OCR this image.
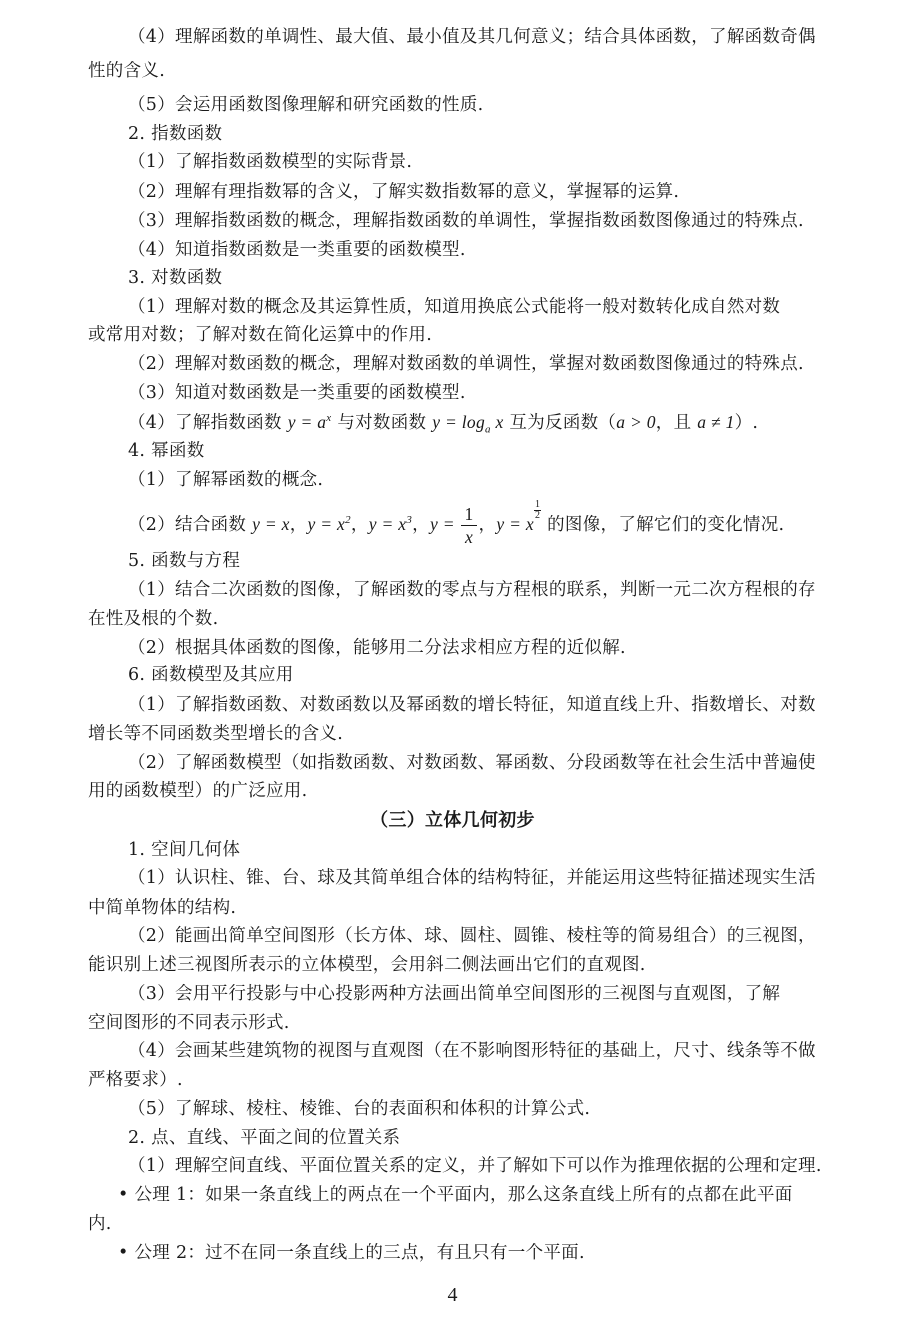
（4）理解函数的单调性、最大值、最小值及其几何意义；结合具体函数，了解函数奇偶
性的含义.
（5）会运用函数图像理解和研究函数的性质.
2. 指数函数
（1）了解指数函数模型的实际背景.
（2）理解有理指数幂的含义，了解实数指数幂的意义，掌握幂的运算.
（3）理解指数函数的概念，理解指数函数的单调性，掌握指数函数图像通过的特殊点.
（4）知道指数函数是一类重要的函数模型.
3. 对数函数
（1）理解对数的概念及其运算性质，知道用换底公式能将一般对数转化成自然对数
或常用对数；了解对数在简化运算中的作用.
（2）理解对数函数的概念，理解对数函数的单调性，掌握对数函数图像通过的特殊点.
（3）知道对数函数是一类重要的函数模型.
（4）了解指数函数 $y = a^x$ 与对数函数 $y = \log_a x$ 互为反函数（a > 0，且 a ≠ 1）.
4. 幂函数
（1）了解幂函数的概念.
（2）结合函数 y = x，$y = x^2$，$y = x^3$，$y = \frac{1}{x}$ ，y = x
$\frac{1}{2}$
的图像，了解它们的变化情况.
5. 函数与方程
（1）结合二次函数的图像，了解函数的零点与方程根的联系，判断一元二次方程根的存
在性及根的个数.
（2）根据具体函数的图像，能够用二分法求相应方程的近似解.
6. 函数模型及其应用
（1）了解指数函数、对数函数以及幂函数的增长特征，知道直线上升、指数增长、对数
增长等不同函数类型增长的含义.
（2）了解函数模型（如指数函数、对数函数、幂函数、分段函数等在社会生活中普遍使
用的函数模型）的广泛应用.
（三）立体几何初步
1. 空间几何体
（1）认识柱、锥、台、球及其简单组合体的结构特征，并能运用这些特征描述现实生活
中简单物体的结构.
（2）能画出简单空间图形（长方体、球、圆柱、圆锥、棱柱等的简易组合）的三视图，
能识别上述三视图所表示的立体模型，会用斜二侧法画出它们的直观图.
（3）会用平行投影与中心投影两种方法画出简单空间图形的三视图与直观图，了解
空间图形的不同表示形式.
（4）会画某些建筑物的视图与直观图（在不影响图形特征的基础上，尺寸、线条等不做
严格要求）.
（5）了解球、棱柱、棱锥、台的表面积和体积的计算公式.
2. 点、直线、平面之间的位置关系
（1）理解空间直线、平面位置关系的定义，并了解如下可以作为推理依据的公理和定理.
• 公理 1：如果一条直线上的两点在一个平面内，那么这条直线上所有的点都在此平面
内.
• 公理 2：过不在同一条直线上的三点，有且只有一个平面.
4
